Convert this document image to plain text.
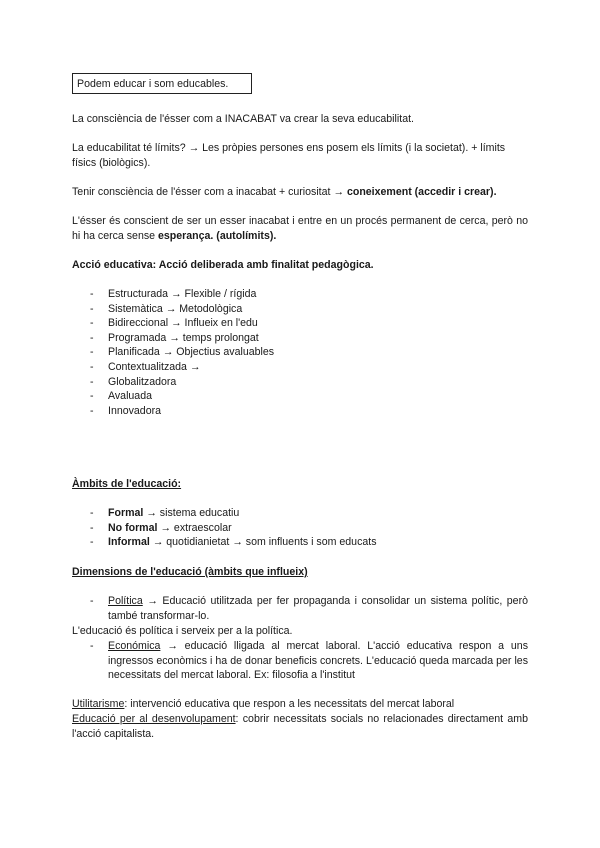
Podem educar i som educables.

La consciència de l'ésser com a INACABAT va crear la seva educabilitat.

La educabilitat té límits? → Les pròpies persones ens posem els límits (i la societat). + límits físics (biològics).

Tenir consciència de l'ésser com a inacabat + curiositat → coneixement (accedir i crear).

L'ésser és conscient de ser un esser inacabat i entre en un procés permanent de cerca, però no hi ha cerca sense esperança. (autolímits).

Acció educativa: Acció deliberada amb finalitat pedagògica.

- Estructurada → Flexible / rígida
- Sistemàtica → Metodològica
- Bidireccional → Influeix en l'edu
- Programada → temps prolongat
- Planificada → Objectius avaluables
- Contextualitzada →
- Globalitzadora
- Avaluada
- Innovadora

Àmbits de l'educació:

- Formal → sistema educatiu
- No formal → extraescolar
- Informal → quotidianietat → som influents i som educats

Dimensions de l'educació (àmbits que influeix)

- Política → Educació utilitzada per fer propaganda i consolidar un sistema polític, però també transformar-lo.

L'educació és política i serveix per a la política.

- Económica → educació lligada al mercat laboral. L'acció educativa respon a uns ingressos econòmics i ha de donar beneficis concrets. L'educació queda marcada per les necessitats del mercat laboral. Ex: filosofia a l'institut

Utilitarisme: intervenció educativa que respon a les necessitats del mercat laboral

Educació per al desenvolupament: cobrir necessitats socials no relacionades directament amb l'acció capitalista.
